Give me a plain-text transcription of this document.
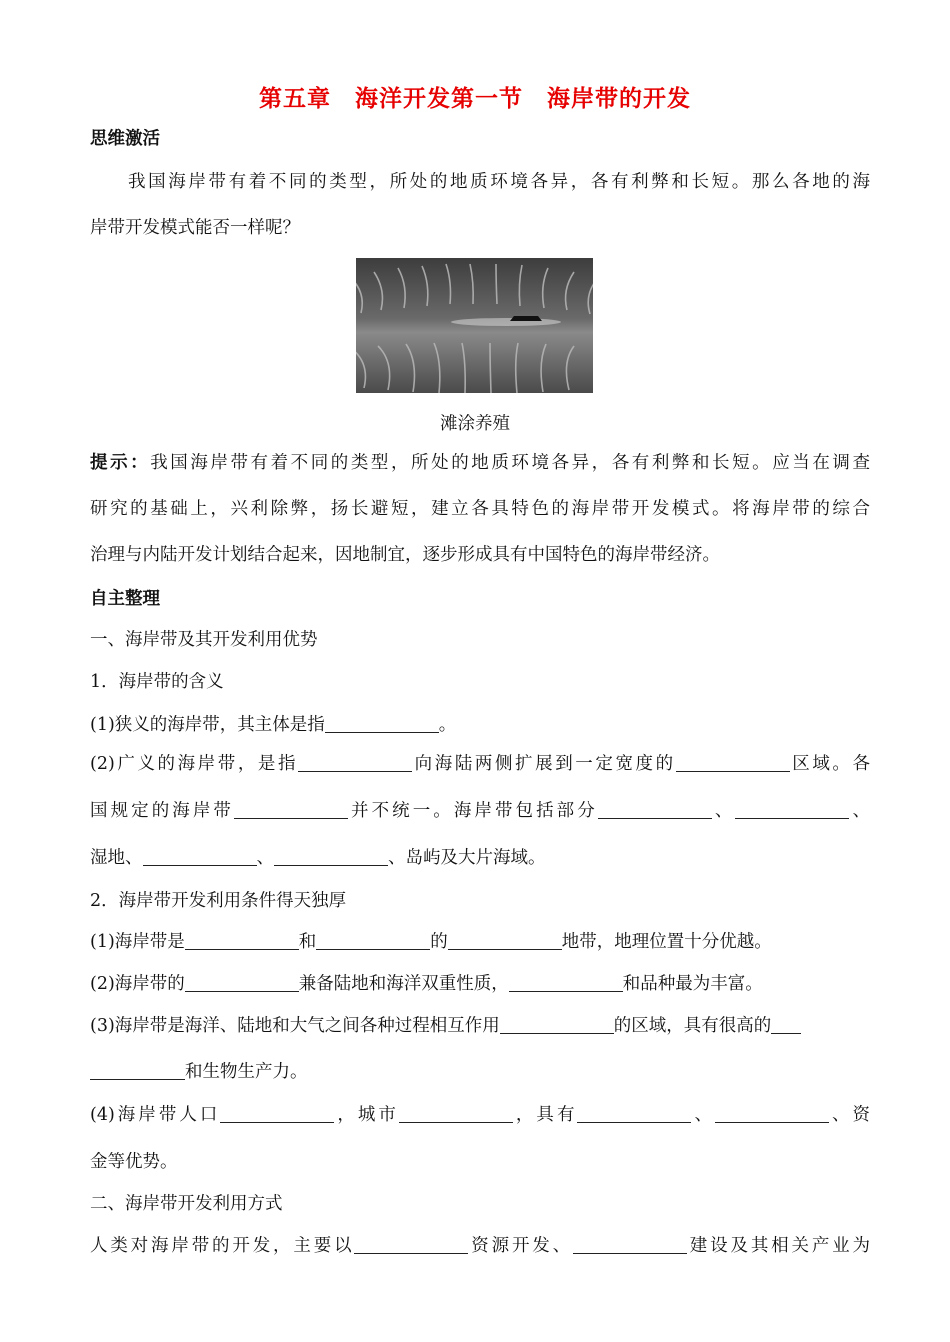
第五章　海洋开发第一节　海岸带的开发
思维激活
我国海岸带有着不同的类型，所处的地质环境各异，各有利弊和长短。那么各地的海
岸带开发模式能否一样呢？
滩涂养殖
提示：我国海岸带有着不同的类型，所处的地质环境各异，各有利弊和长短。应当在调查
研究的基础上，兴利除弊，扬长避短，建立各具特色的海岸带开发模式。将海岸带的综合
治理与内陆开发计划结合起来，因地制宜，逐步形成具有中国特色的海岸带经济。
自主整理
一、海岸带及其开发利用优势
1．海岸带的含义
(1)狭义的海岸带，其主体是指	。
(2)广义的海岸带，是指	向海陆两侧扩展到一定宽度的	区域。各
国规定的海岸带	并不统一。海岸带包括部分	、	、
湿地、	、	、岛屿及大片海域。
2．海岸带开发利用条件得天独厚
(1)海岸带是	和	的	地带，地理位置十分优越。
(2)海岸带的	兼备陆地和海洋双重性质，	和品种最为丰富。
(3)海岸带是海洋、陆地和大气之间各种过程相互作用	的区域，具有很高的
和生物生产力。
(4)海岸带人口	，城市	，具有	、	、资
金等优势。
二、海岸带开发利用方式
人类对海岸带的开发，主要以	资源开发、	建设及其相关产业为
